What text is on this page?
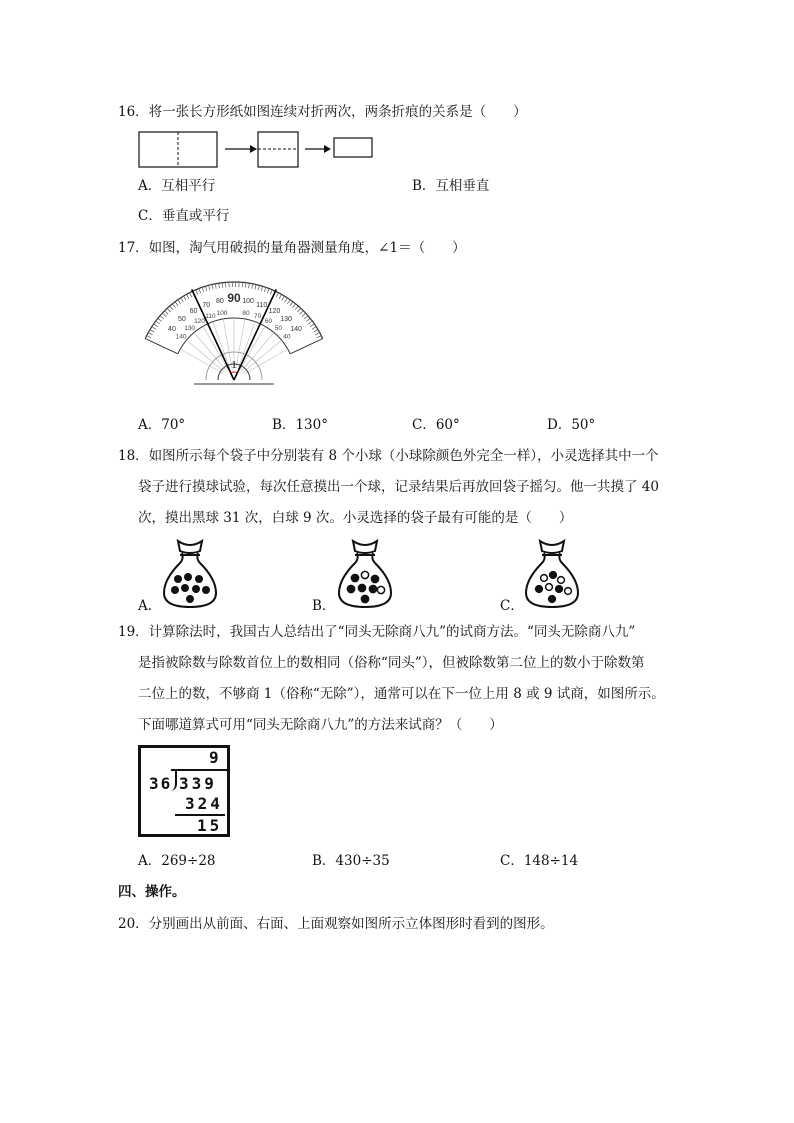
16．将一张长方形纸如图连续对折两次，两条折痕的关系是（　　）
A．互相平行	B．互相垂直
C．垂直或平行
17．如图，淘气用破损的量角器测量角度，∠1＝（　　）
40
50
60
70
80 90 100
110
120
130
140
140
130
120
110 100 80 70
60
50
40
1
A．70°	B．130°	C．60°	D．50°
18．如图所示每个袋子中分别装有 8 个小球（小球除颜色外完全一样），小灵选择其中一个
袋子进行摸球试验，每次任意摸出一个球，记录结果后再放回袋子摇匀。他一共摸了 40
次，摸出黑球 31 次，白球 9 次。小灵选择的袋子最有可能的是（　　）
A．	B．	C．
19．计算除法时，我国古人总结出了“同头无除商八九”的试商方法。“同头无除商八九”
是指被除数与除数首位上的数相同（俗称“同头”），但被除数第二位上的数小于除数第
二位上的数，不够商 1（俗称“无除”），通常可以在下一位上用 8 或 9 试商，如图所示。
下面哪道算式可用“同头无除商八九”的方法来试商？（　　）
9
36 339
324
15
A．269÷28	B．430÷35	C．148÷14
四、操作。
20．分别画出从前面、右面、上面观察如图所示立体图形时看到的图形。
